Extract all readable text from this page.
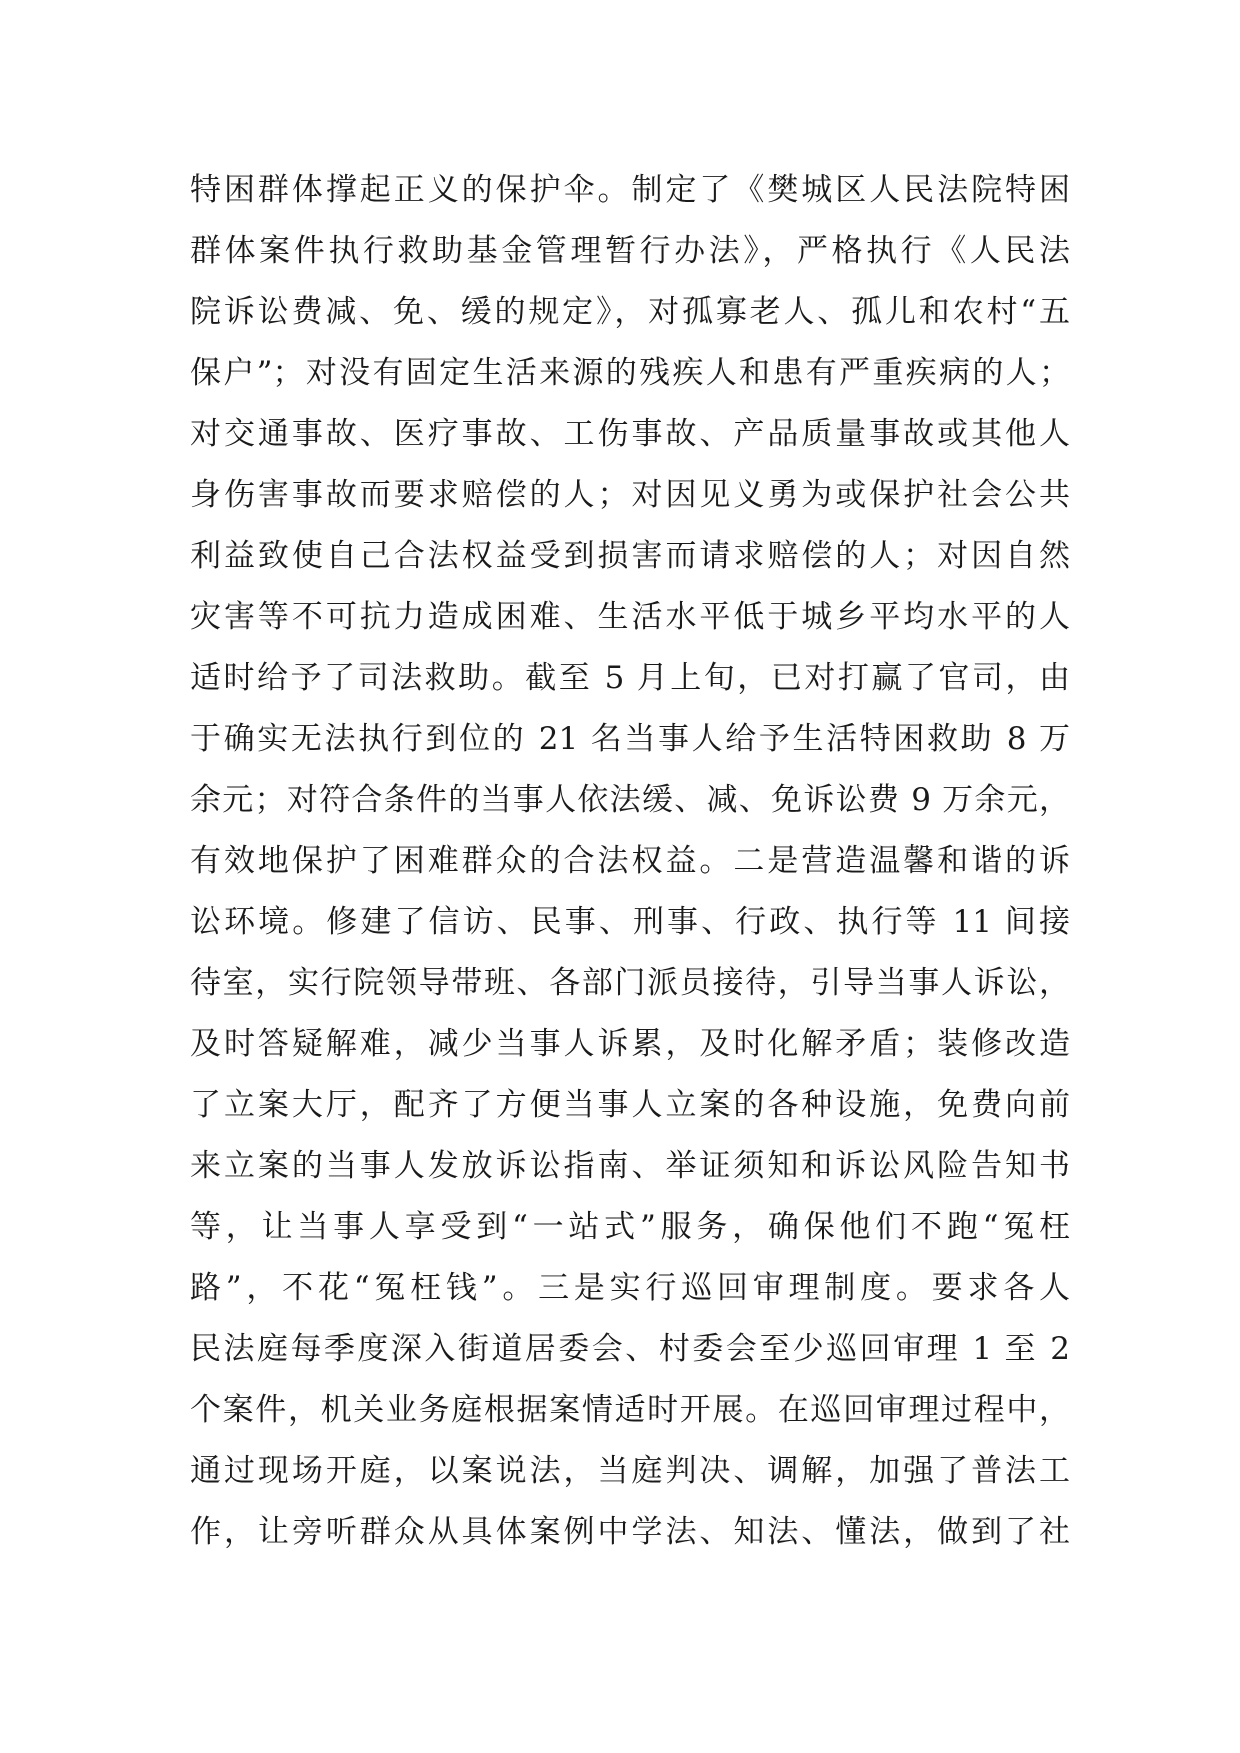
特困群体撑起正义的保护伞。制定了《樊城区人民法院特困
群体案件执行救助基金管理暂行办法》，严格执行《人民法
院诉讼费减、免、缓的规定》，对孤寡老人、孤儿和农村“五
保户”；对没有固定生活来源的残疾人和患有严重疾病的人；
对交通事故、医疗事故、工伤事故、产品质量事故或其他人
身伤害事故而要求赔偿的人；对因见义勇为或保护社会公共
利益致使自己合法权益受到损害而请求赔偿的人；对因自然
灾害等不可抗力造成困难、生活水平低于城乡平均水平的人
适时给予了司法救助。截至 5 月上旬，已对打赢了官司，由
于确实无法执行到位的 21 名当事人给予生活特困救助 8 万
余元；对符合条件的当事人依法缓、减、免诉讼费 9 万余元，
有效地保护了困难群众的合法权益。二是营造温馨和谐的诉
讼环境。修建了信访、民事、刑事、行政、执行等 11 间接
待室，实行院领导带班、各部门派员接待，引导当事人诉讼，
及时答疑解难，减少当事人诉累，及时化解矛盾；装修改造
了立案大厅，配齐了方便当事人立案的各种设施，免费向前
来立案的当事人发放诉讼指南、举证须知和诉讼风险告知书
等，让当事人享受到“一站式”服务，确保他们不跑“冤枉
路”，不花“冤枉钱”。三是实行巡回审理制度。要求各人
民法庭每季度深入街道居委会、村委会至少巡回审理 1 至 2
个案件，机关业务庭根据案情适时开展。在巡回审理过程中，
通过现场开庭，以案说法，当庭判决、调解，加强了普法工
作，让旁听群众从具体案例中学法、知法、懂法，做到了社
